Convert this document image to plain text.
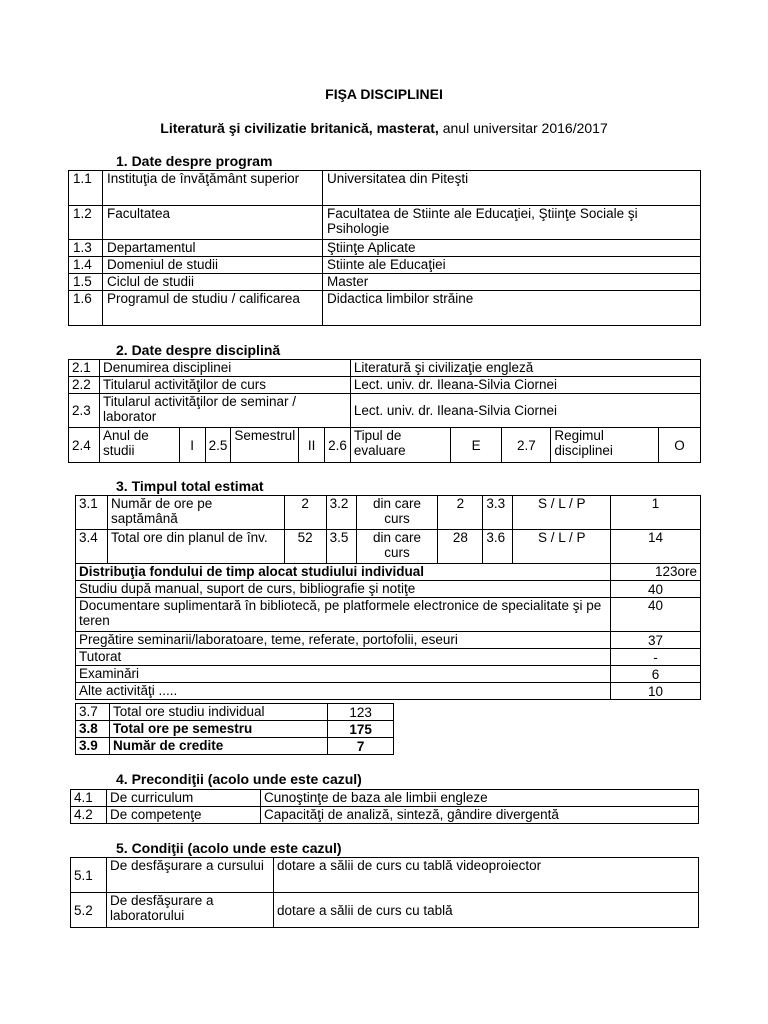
FIŞA DISCIPLINEI
Literatură şi civilizatie britanică, masterat, anul universitar 2016/2017
1. Date despre program
1.1	Instituţia de învăţământ superior	Universitatea din Piteşti
1.2	Facultatea	Facultatea de Stiinte ale Educaţiei, Ştiinţe Sociale şi Psihologie
1.3	Departamentul	Ştiinţe Aplicate
1.4	Domeniul de studii	Stiinte ale Educaţiei
1.5	Ciclul de studii	Master
1.6	Programul de studiu / calificarea	Didactica limbilor străine
2. Date despre disciplină
2.1	Denumirea disciplinei						Literatură şi civilizaţie engleză				
2.2	Titularul activităţilor de curs						Lect. univ. dr. Ileana-Silvia Ciornei				
2.3	Titularul activităţilor de seminar / laborator						Lect. univ. dr. Ileana-Silvia Ciornei				
2.4	Anul de studii	I	2.5	Semestrul	II	2.6	Tipul de evaluare	E	2.7	Regimul disciplinei	O
3. Timpul total estimat
3.1	Număr de ore pe saptămână	2	3.2	din care curs	2	3.3	S / L / P	1
3.4	Total ore din planul de înv.	52	3.5	din care curs	28	3.6	S / L / P	14
Distribuţia fondului de timp alocat studiului individual								123ore
Studiu după manual, suport de curs, bibliografie şi notiţe								40
Documentare suplimentară în bibliotecă, pe platformele electronice de specialitate şi pe teren								40
Pregătire seminarii/laboratoare, teme, referate, portofolii, eseuri								37
Tutorat								-
Examinări								6
Alte activităţi .....								10
3.7	Total ore studiu individual	123
3.8	Total ore pe semestru	175
3.9	Număr de credite	7
4. Precondiţii (acolo unde este cazul)
4.1	De curriculum	Cunoştinţe de baza ale limbii engleze
4.2	De competenţe	Capacităţi de analiză, sinteză, gândire divergentă
5. Condiţii (acolo unde este cazul)
5.1	De desfăşurare a cursului	dotare a sălii de curs cu tablă videoproiector
5.2	De desfăşurare a laboratorului	dotare a sălii de curs cu tablă
